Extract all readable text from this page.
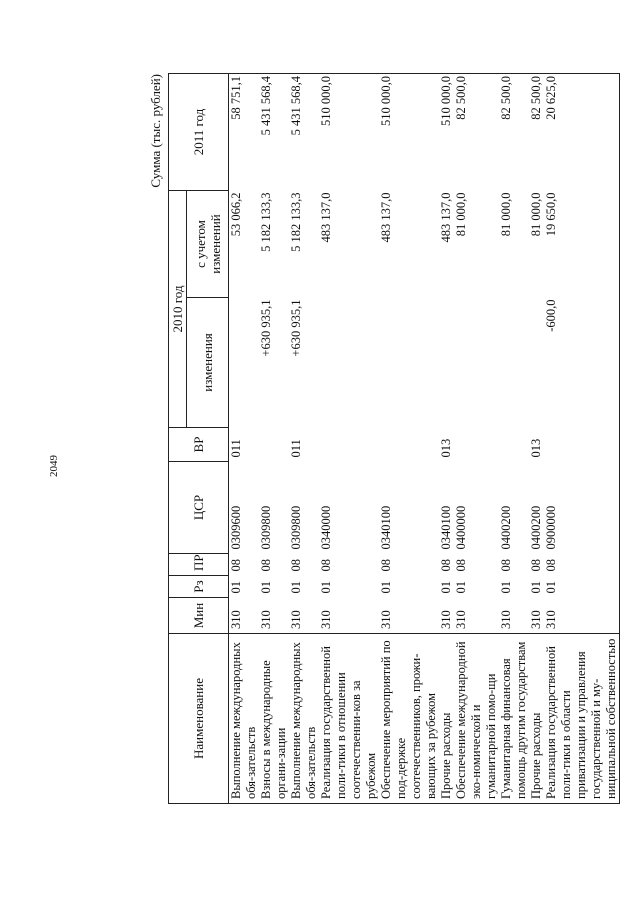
2049
Сумма (тыс. рублей)
Наименование	Мин	Рз	ПР	ЦСР	ВР	2010 год		2011 год
						изменения	с учетом изменений	
Выполнение международных обя-зательств	310	01	08	0309600	011		53 066,2	58 751,1
Взносы в международные органи-зации	310	01	08	0309800		+630 935,1	5 182 133,3	5 431 568,4
Выполнение международных обя-зательств	310	01	08	0309800	011	+630 935,1	5 182 133,3	5 431 568,4
Реализация государственной поли-тики в отношении соотечественни-ков за рубежом	310	01	08	0340000			483 137,0	510 000,0
Обеспечение мероприятий по под-держке соотечественников, прожи-вающих за рубежом	310	01	08	0340100			483 137,0	510 000,0
Прочие расходы	310	01	08	0340100	013		483 137,0	510 000,0
Обеспечение международной эко-номической и гуманитарной помо-щи	310	01	08	0400000			81 000,0	82 500,0
Гуманитарная финансовая помощь другим государствам	310	01	08	0400200			81 000,0	82 500,0
Прочие расходы	310	01	08	0400200	013		81 000,0	82 500,0
Реализация государственной поли-тики в области приватизации и управления государственной и му-ниципальной собственностью	310	01	08	0900000		-600,0	19 650,0	20 625,0
